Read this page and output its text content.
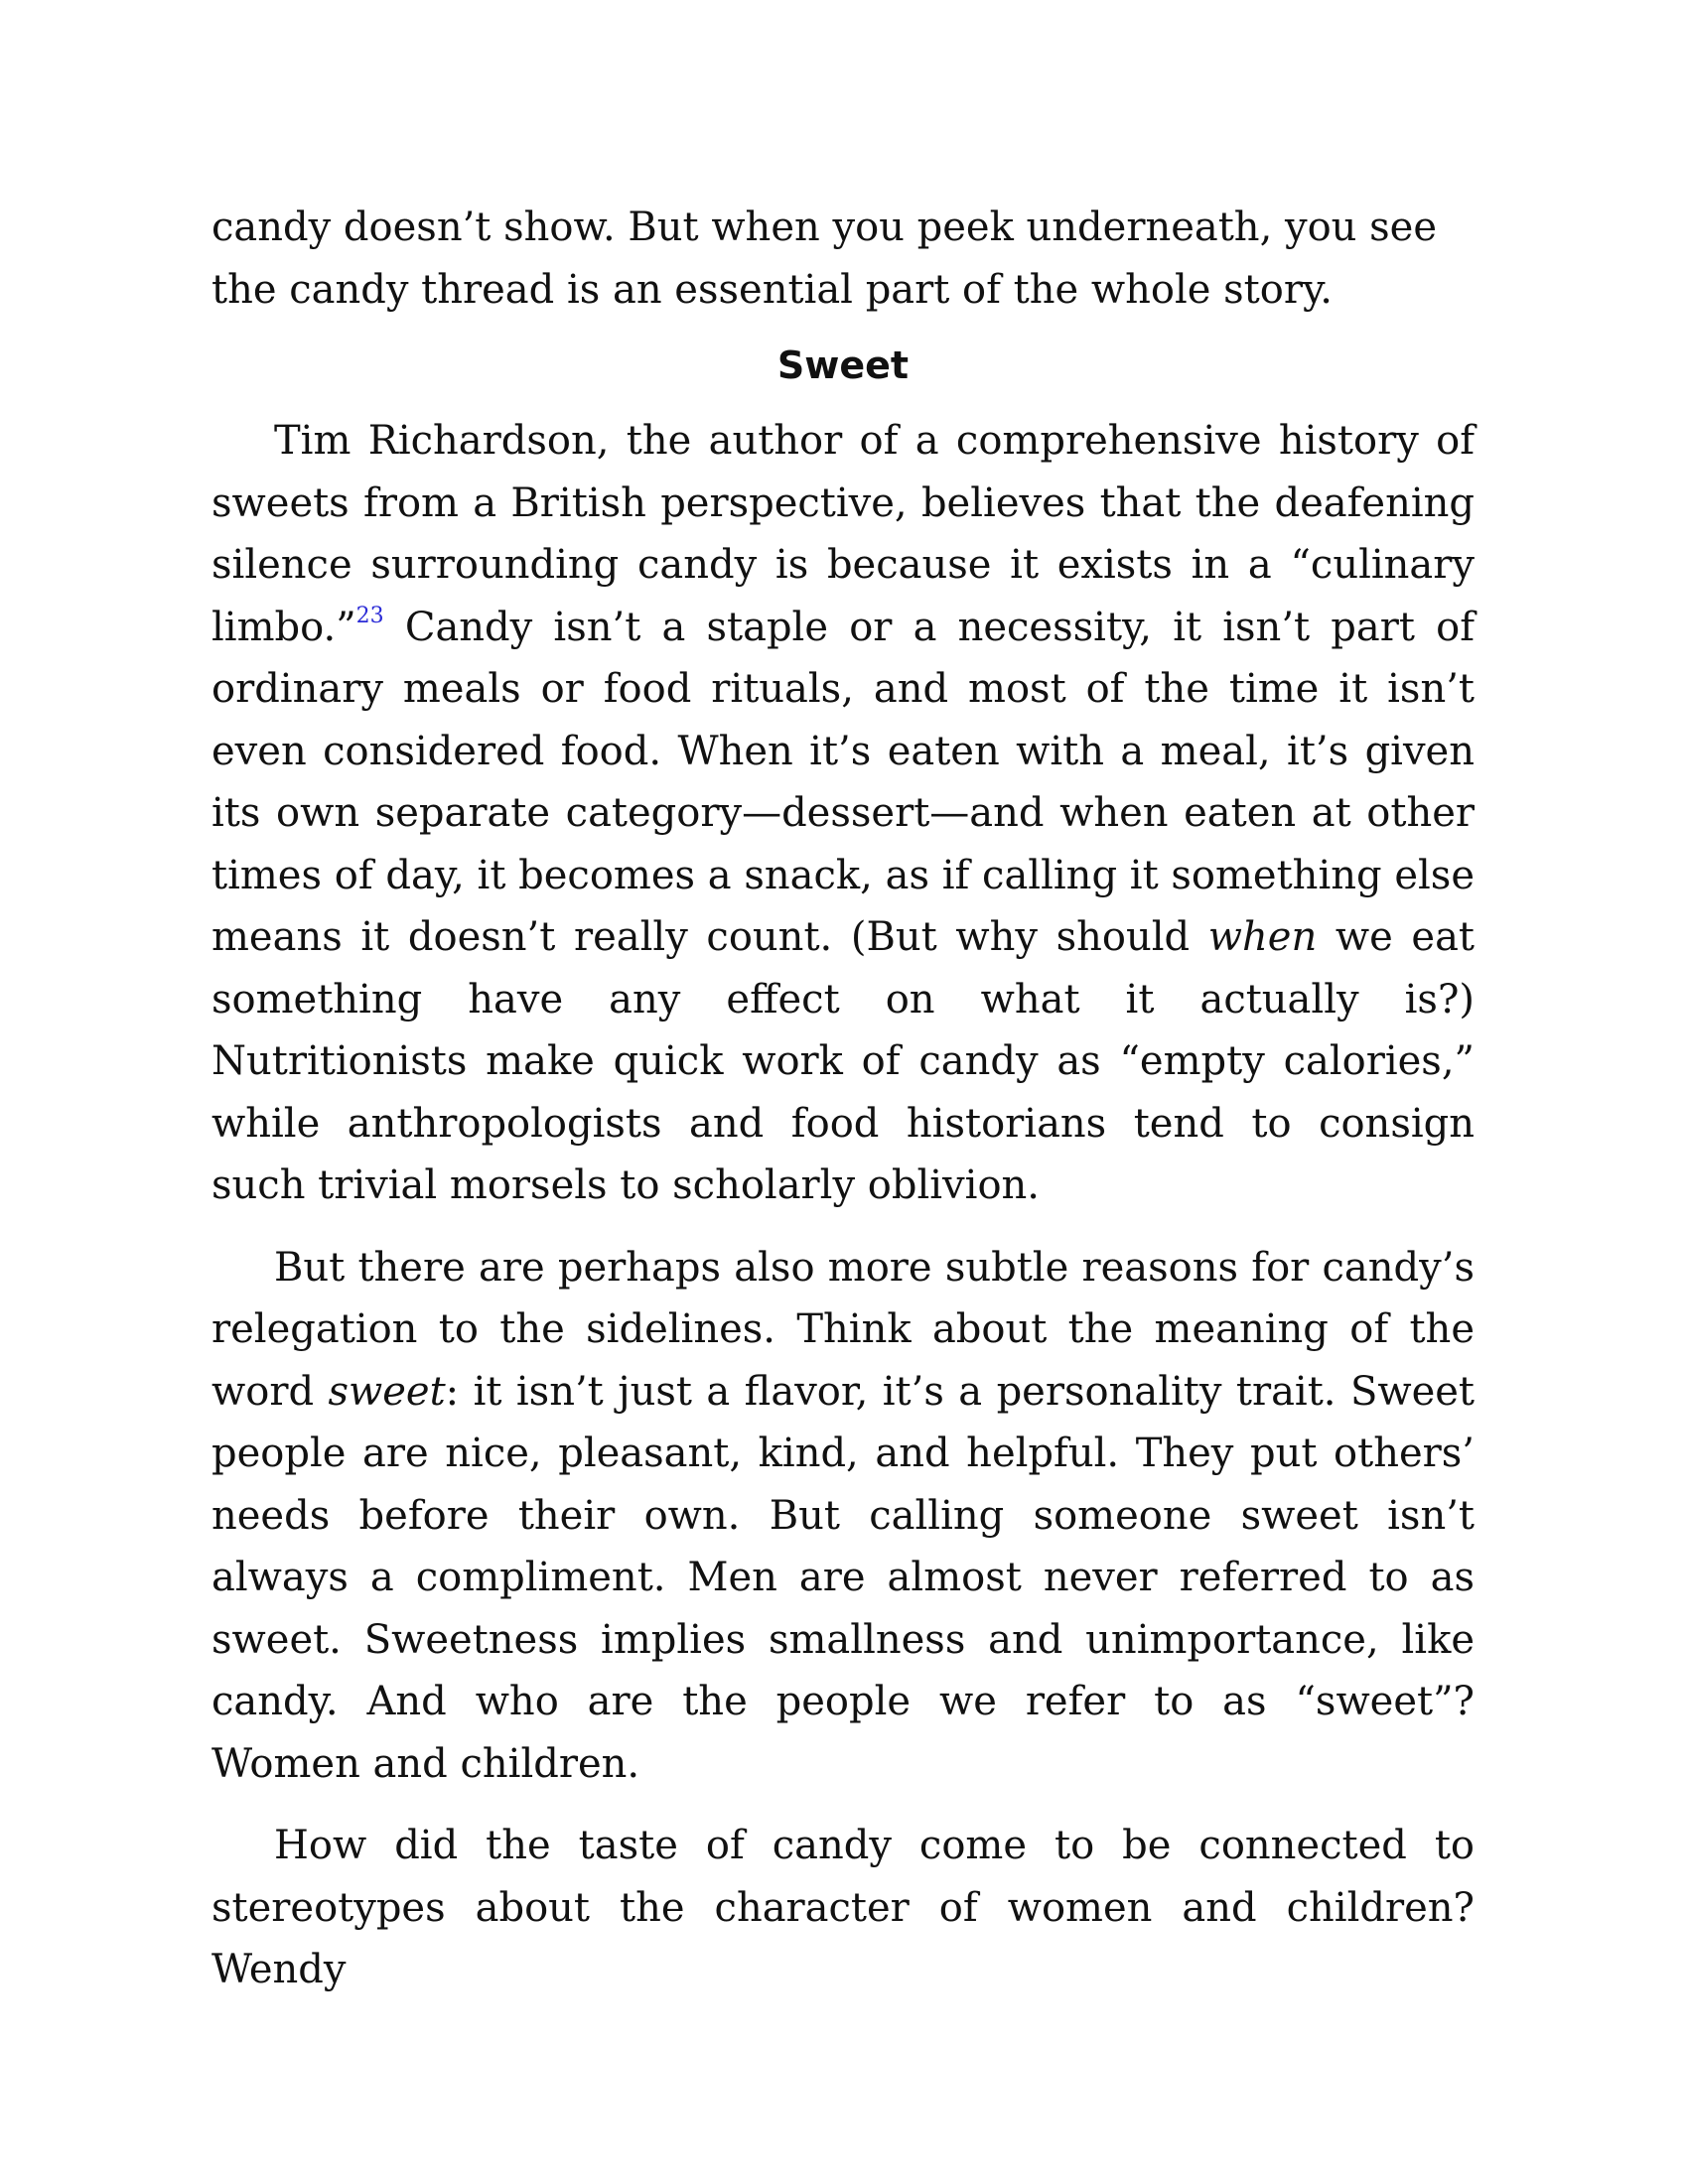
candy doesn’t show. But when you peek underneath, you see the candy thread is an essential part of the whole story.

Sweet

Tim Richardson, the author of a comprehensive history of sweets from a British perspective, believes that the deafening silence surrounding candy is because it exists in a “culinary limbo.”$^{23}$ Candy isn’t a staple or a necessity, it isn’t part of ordinary meals or food rituals, and most of the time it isn’t even considered food. When it’s eaten with a meal, it’s given its own separate category—dessert—and when eaten at other times of day, it becomes a snack, as if calling it something else means it doesn’t really count. (But why should when we eat something have any effect on what it actually is?) Nutritionists make quick work of candy as “empty calories,” while anthropologists and food historians tend to consign such trivial morsels to scholarly oblivion.

But there are perhaps also more subtle reasons for candy’s relegation to the sidelines. Think about the meaning of the word sweet: it isn’t just a flavor, it’s a personality trait. Sweet people are nice, pleasant, kind, and helpful. They put others’ needs before their own. But calling someone sweet isn’t always a compliment. Men are almost never referred to as sweet. Sweetness implies smallness and unimportance, like candy. And who are the people we refer to as “sweet”? Women and children.

How did the taste of candy come to be connected to stereotypes about the character of women and children? Wendy
